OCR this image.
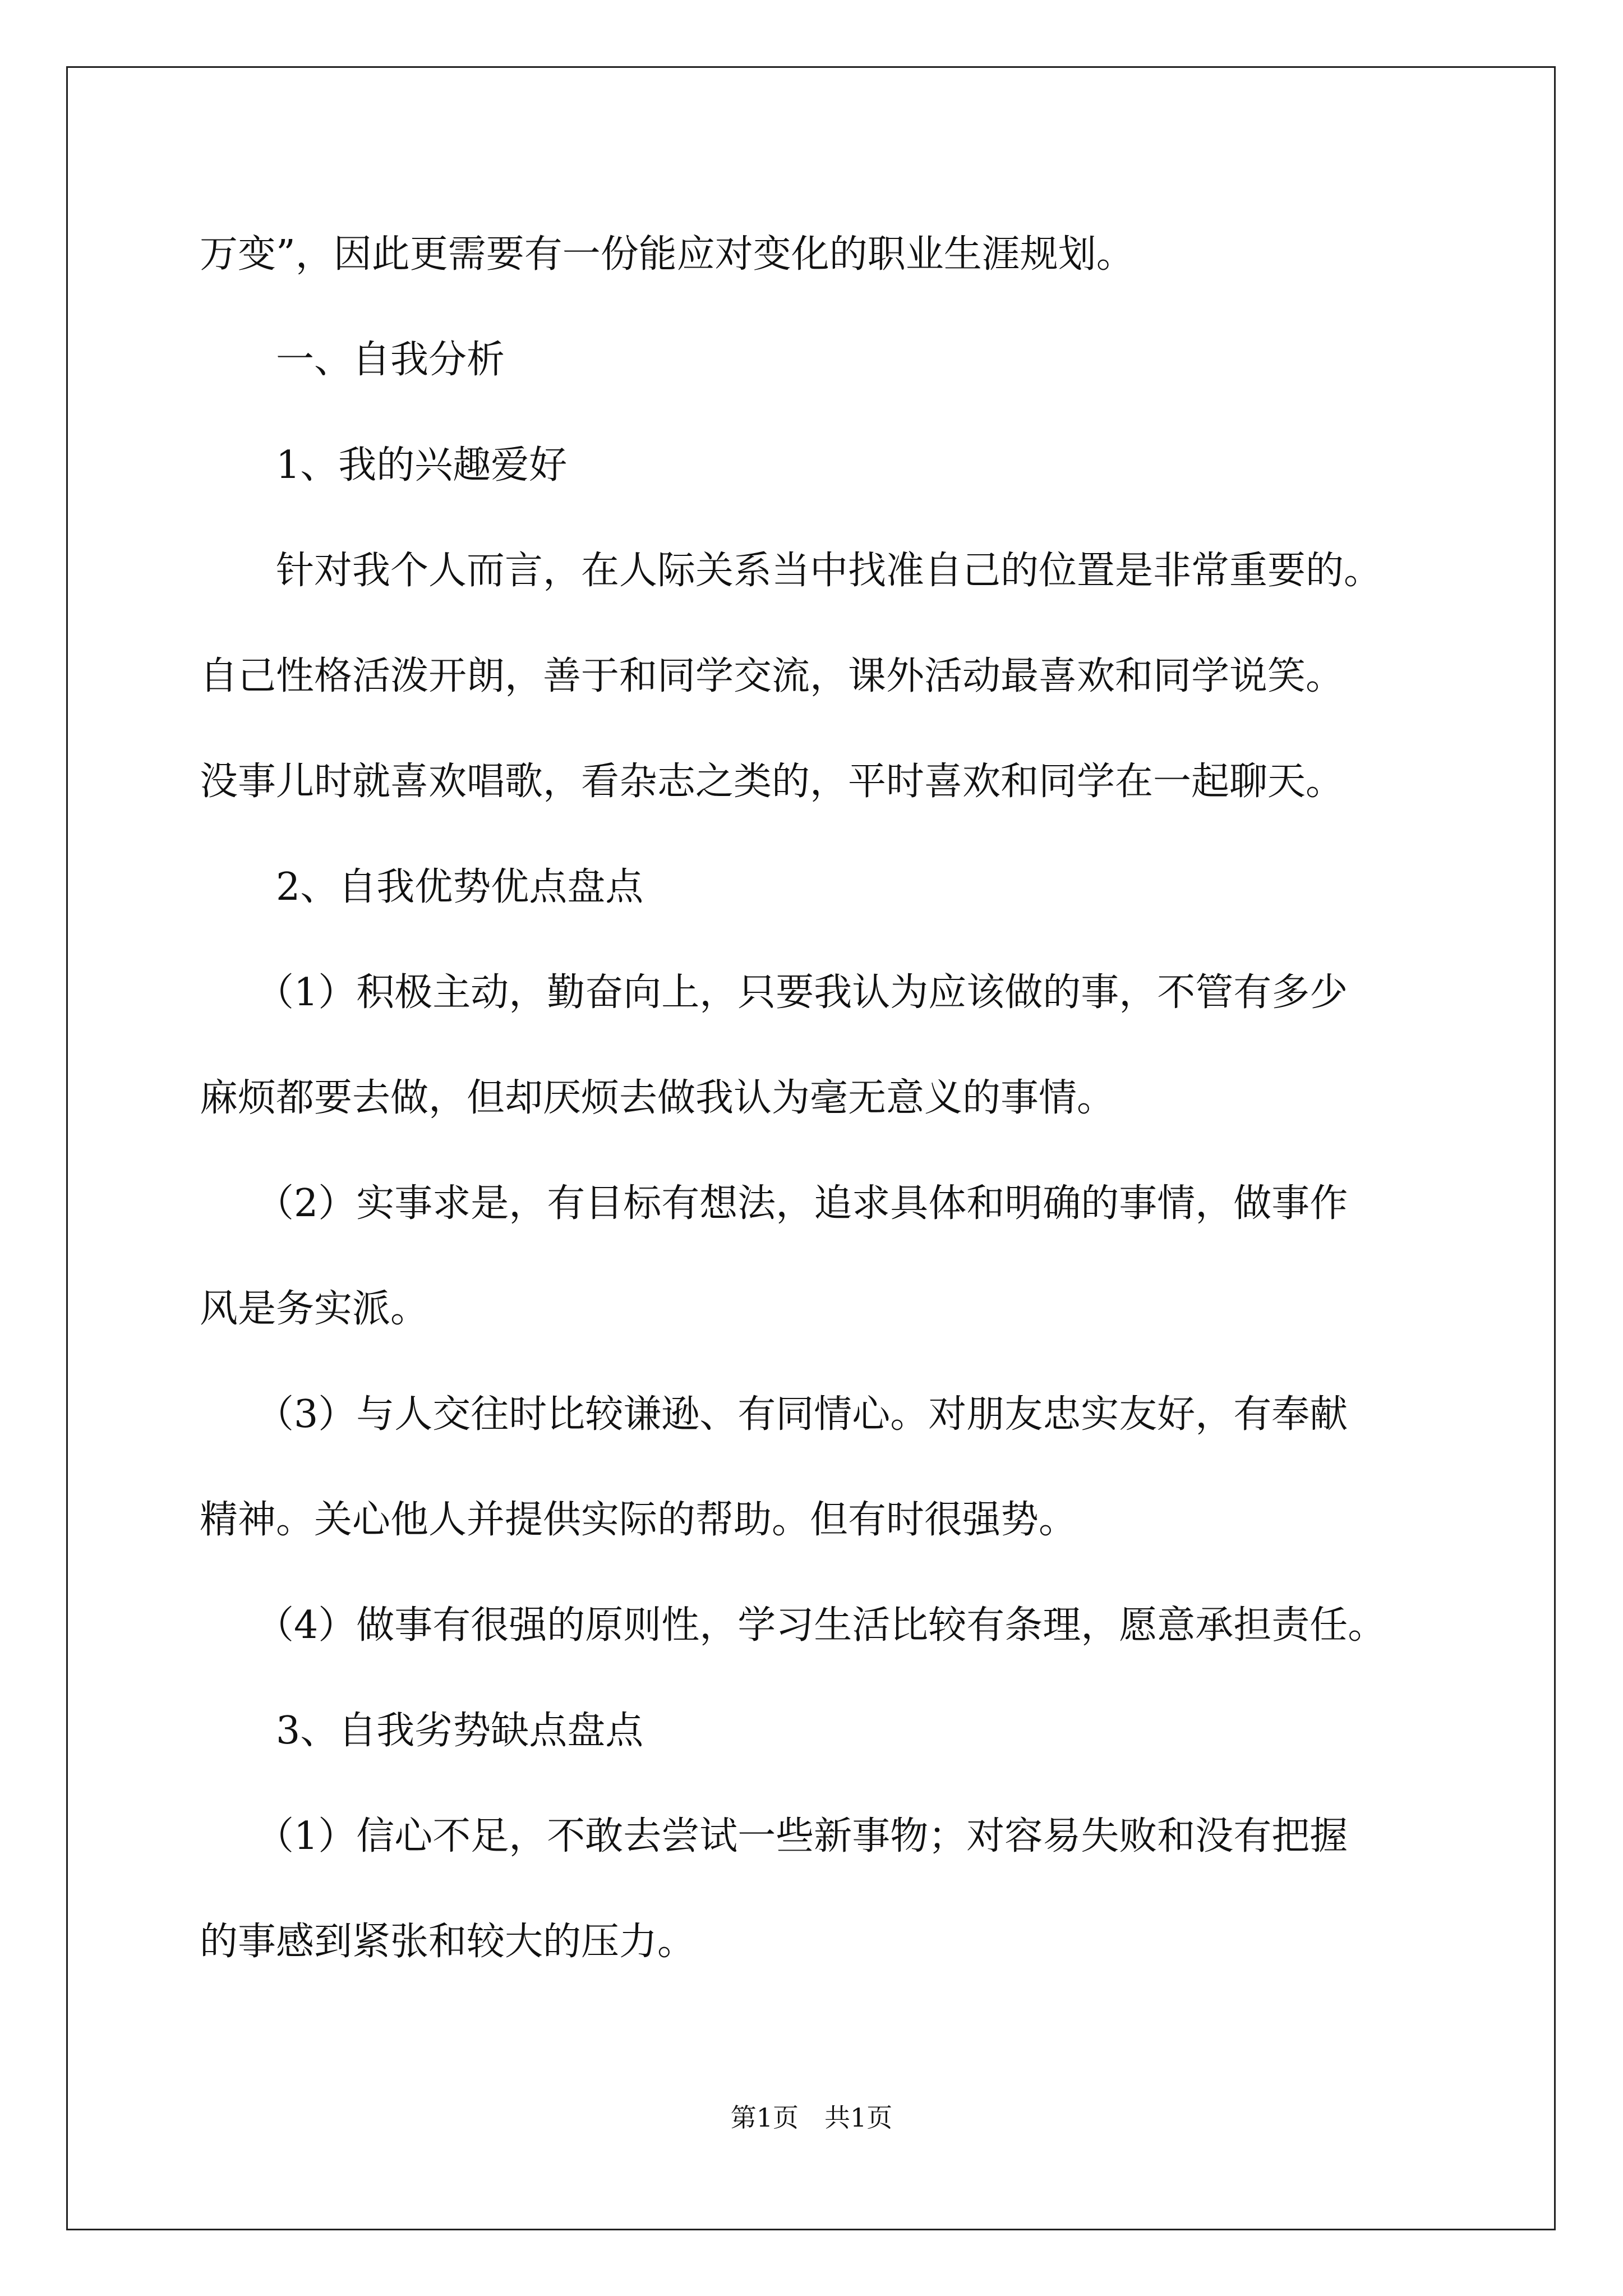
万变”，因此更需要有一份能应对变化的职业生涯规划。

一、自我分析

1、我的兴趣爱好

针对我个人而言，在人际关系当中找准自己的位置是非常重要的。

自己性格活泼开朗，善于和同学交流，课外活动最喜欢和同学说笑。

没事儿时就喜欢唱歌，看杂志之类的，平时喜欢和同学在一起聊天。

2、自我优势优点盘点

（1）积极主动，勤奋向上，只要我认为应该做的事，不管有多少

麻烦都要去做，但却厌烦去做我认为毫无意义的事情。

（2）实事求是，有目标有想法，追求具体和明确的事情，做事作

风是务实派。

（3）与人交往时比较谦逊、有同情心。对朋友忠实友好，有奉献

精神。关心他人并提供实际的帮助。但有时很强势。

（4）做事有很强的原则性，学习生活比较有条理，愿意承担责任。

3、自我劣势缺点盘点

（1）信心不足，不敢去尝试一些新事物；对容易失败和没有把握

的事感到紧张和较大的压力。

第1页　共1页
